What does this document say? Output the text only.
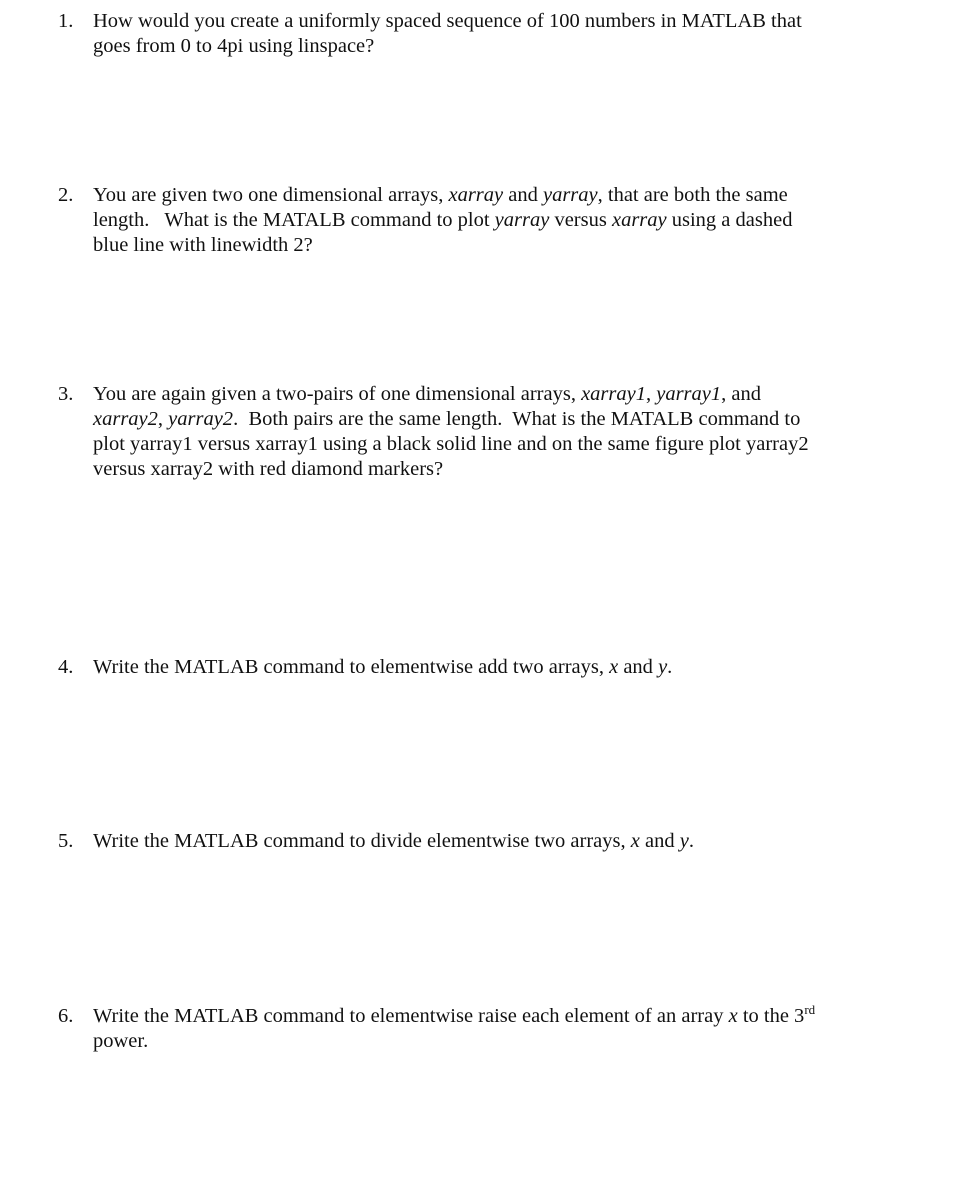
1. How would you create a uniformly spaced sequence of 100 numbers in MATLAB that

goes from 0 to 4pi using linspace?

2. You are given two one dimensional arrays, xarray and yarray, that are both the same

length.   What is the MATALB command to plot yarray versus xarray using a dashed

blue line with linewidth 2?

3. You are again given a two-pairs of one dimensional arrays, xarray1, yarray1, and

xarray2, yarray2.  Both pairs are the same length.  What is the MATALB command to

plot yarray1 versus xarray1 using a black solid line and on the same figure plot yarray2

versus xarray2 with red diamond markers?

4. Write the MATLAB command to elementwise add two arrays, x and y.

5. Write the MATLAB command to divide elementwise two arrays, x and y.

6. Write the MATLAB command to elementwise raise each element of an array x to the 3rd

power.
